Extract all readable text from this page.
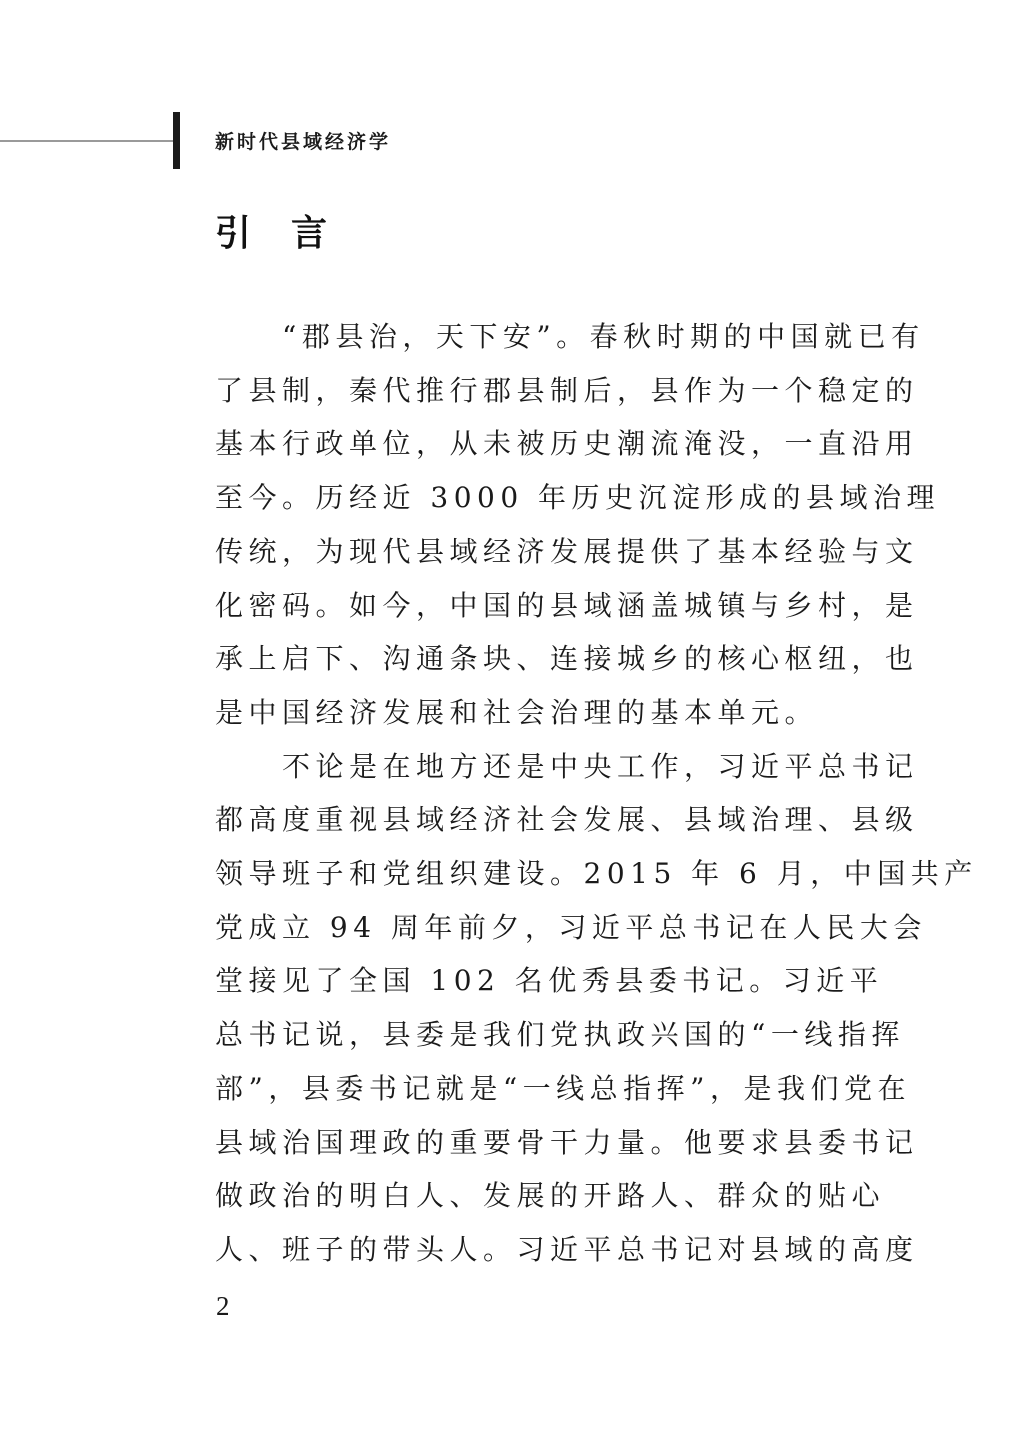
新时代县域经济学
引言

　　“郡县治，天下安”。春秋时期的中国就已有
了县制，秦代推行郡县制后，县作为一个稳定的
基本行政单位，从未被历史潮流淹没，一直沿用
至今。历经近 3000 年历史沉淀形成的县域治理
传统，为现代县域经济发展提供了基本经验与文
化密码。如今，中国的县域涵盖城镇与乡村，是
承上启下、沟通条块、连接城乡的核心枢纽，也
是中国经济发展和社会治理的基本单元。

　　不论是在地方还是中央工作，习近平总书记
都高度重视县域经济社会发展、县域治理、县级
领导班子和党组织建设。2015 年 6 月，中国共产
党成立 94 周年前夕，习近平总书记在人民大会
堂接见了全国 102 名优秀县委书记。习近平
总书记说，县委是我们党执政兴国的“一线指挥
部”，县委书记就是“一线总指挥”，是我们党在
县域治国理政的重要骨干力量。他要求县委书记
做政治的明白人、发展的开路人、群众的贴心
人、班子的带头人。习近平总书记对县域的高度

2
